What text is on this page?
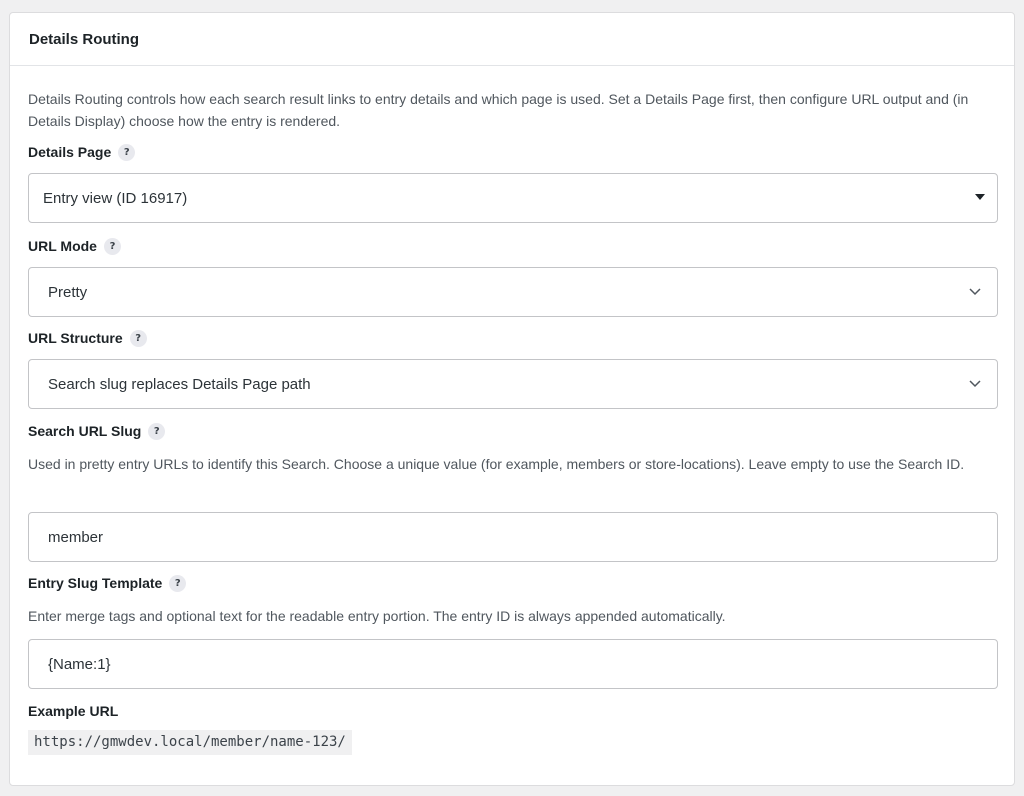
Details Routing

Details Routing controls how each search result links to entry details and which page is used. Set a Details Page first, then configure URL output and (in Details Display) choose how the entry is rendered.

Details Page	?
Entry view (ID 16917)
URL Mode	?
Pretty
URL Structure	?
Search slug replaces Details Page path
Search URL Slug	?
Used in pretty entry URLs to identify this Search. Choose a unique value (for example, members or store-locations). Leave empty to use the Search ID.
member
Entry Slug Template	?
Enter merge tags and optional text for the readable entry portion. The entry ID is always appended automatically.
{Name:1}
Example URL
https://gmwdev.local/member/name-123/
